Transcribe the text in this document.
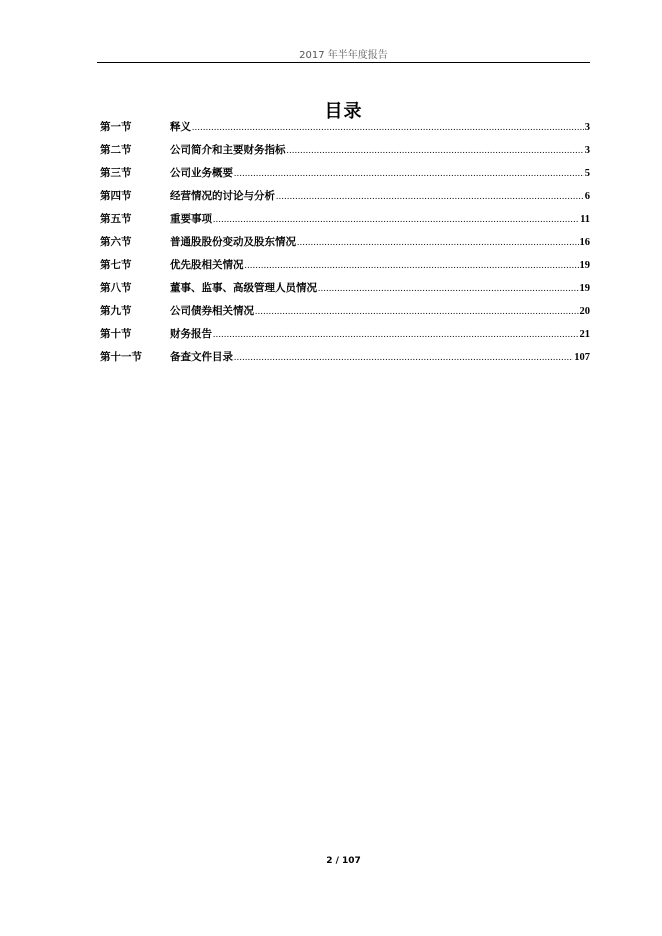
2017 年半年度报告
目录
第一节	释义 .....	3
第二节	公司简介和主要财务指标 .....	3
第三节	公司业务概要 .....	5
第四节	经营情况的讨论与分析 .....	6
第五节	重要事项 .....	11
第六节	普通股股份变动及股东情况 .....	16
第七节	优先股相关情况 .....	19
第八节	董事、监事、高级管理人员情况 .....	19
第九节	公司债券相关情况 .....	20
第十节	财务报告 .....	21
第十一节	备查文件目录 .....	107
2 / 107
